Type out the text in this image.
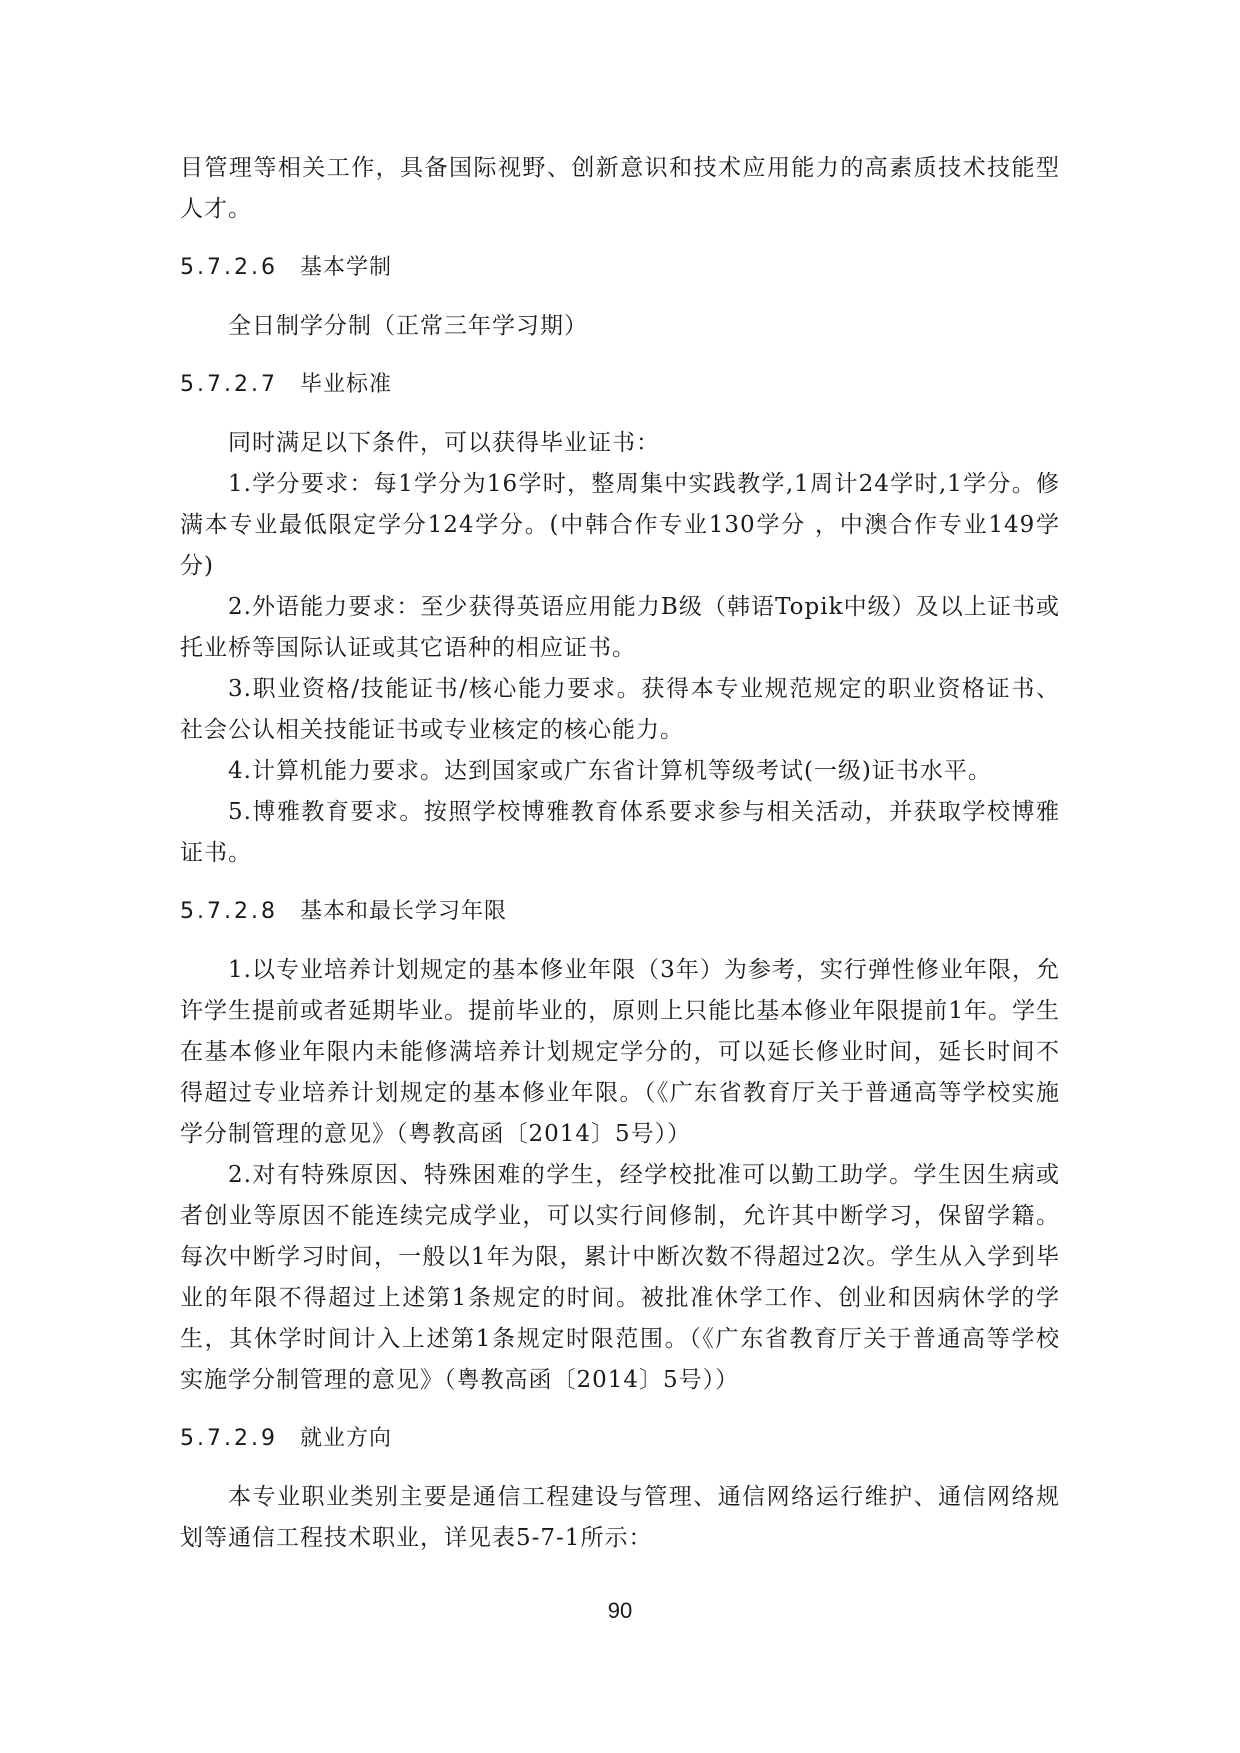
目管理等相关工作，具备国际视野、创新意识和技术应用能力的高素质技术技能型人才。

5.7.2.6 基本学制

全日制学分制（正常三年学习期）

5.7.2.7 毕业标准

同时满足以下条件，可以获得毕业证书：

1.学分要求：每1学分为16学时，整周集中实践教学,1周计24学时,1学分。修满本专业最低限定学分124学分。(中韩合作专业130学分 ，中澳合作专业149学分)

2.外语能力要求：至少获得英语应用能力B级（韩语Topik中级）及以上证书或托业桥等国际认证或其它语种的相应证书。

3.职业资格/技能证书/核心能力要求。获得本专业规范规定的职业资格证书、社会公认相关技能证书或专业核定的核心能力。

4.计算机能力要求。达到国家或广东省计算机等级考试(一级)证书水平。

5.博雅教育要求。按照学校博雅教育体系要求参与相关活动，并获取学校博雅证书。

5.7.2.8 基本和最长学习年限

1.以专业培养计划规定的基本修业年限（3年）为参考，实行弹性修业年限，允许学生提前或者延期毕业。提前毕业的，原则上只能比基本修业年限提前1年。学生在基本修业年限内未能修满培养计划规定学分的，可以延长修业时间，延长时间不得超过专业培养计划规定的基本修业年限。（《广东省教育厅关于普通高等学校实施学分制管理的意见》（粤教高函〔2014〕5号））

2.对有特殊原因、特殊困难的学生，经学校批准可以勤工助学。学生因生病或者创业等原因不能连续完成学业，可以实行间修制，允许其中断学习，保留学籍。每次中断学习时间，一般以1年为限，累计中断次数不得超过2次。学生从入学到毕业的年限不得超过上述第1条规定的时间。被批准休学工作、创业和因病休学的学生，其休学时间计入上述第1条规定时限范围。（《广东省教育厅关于普通高等学校实施学分制管理的意见》（粤教高函〔2014〕5号））

5.7.2.9 就业方向

本专业职业类别主要是通信工程建设与管理、通信网络运行维护、通信网络规划等通信工程技术职业，详见表5-7-1所示：

90
